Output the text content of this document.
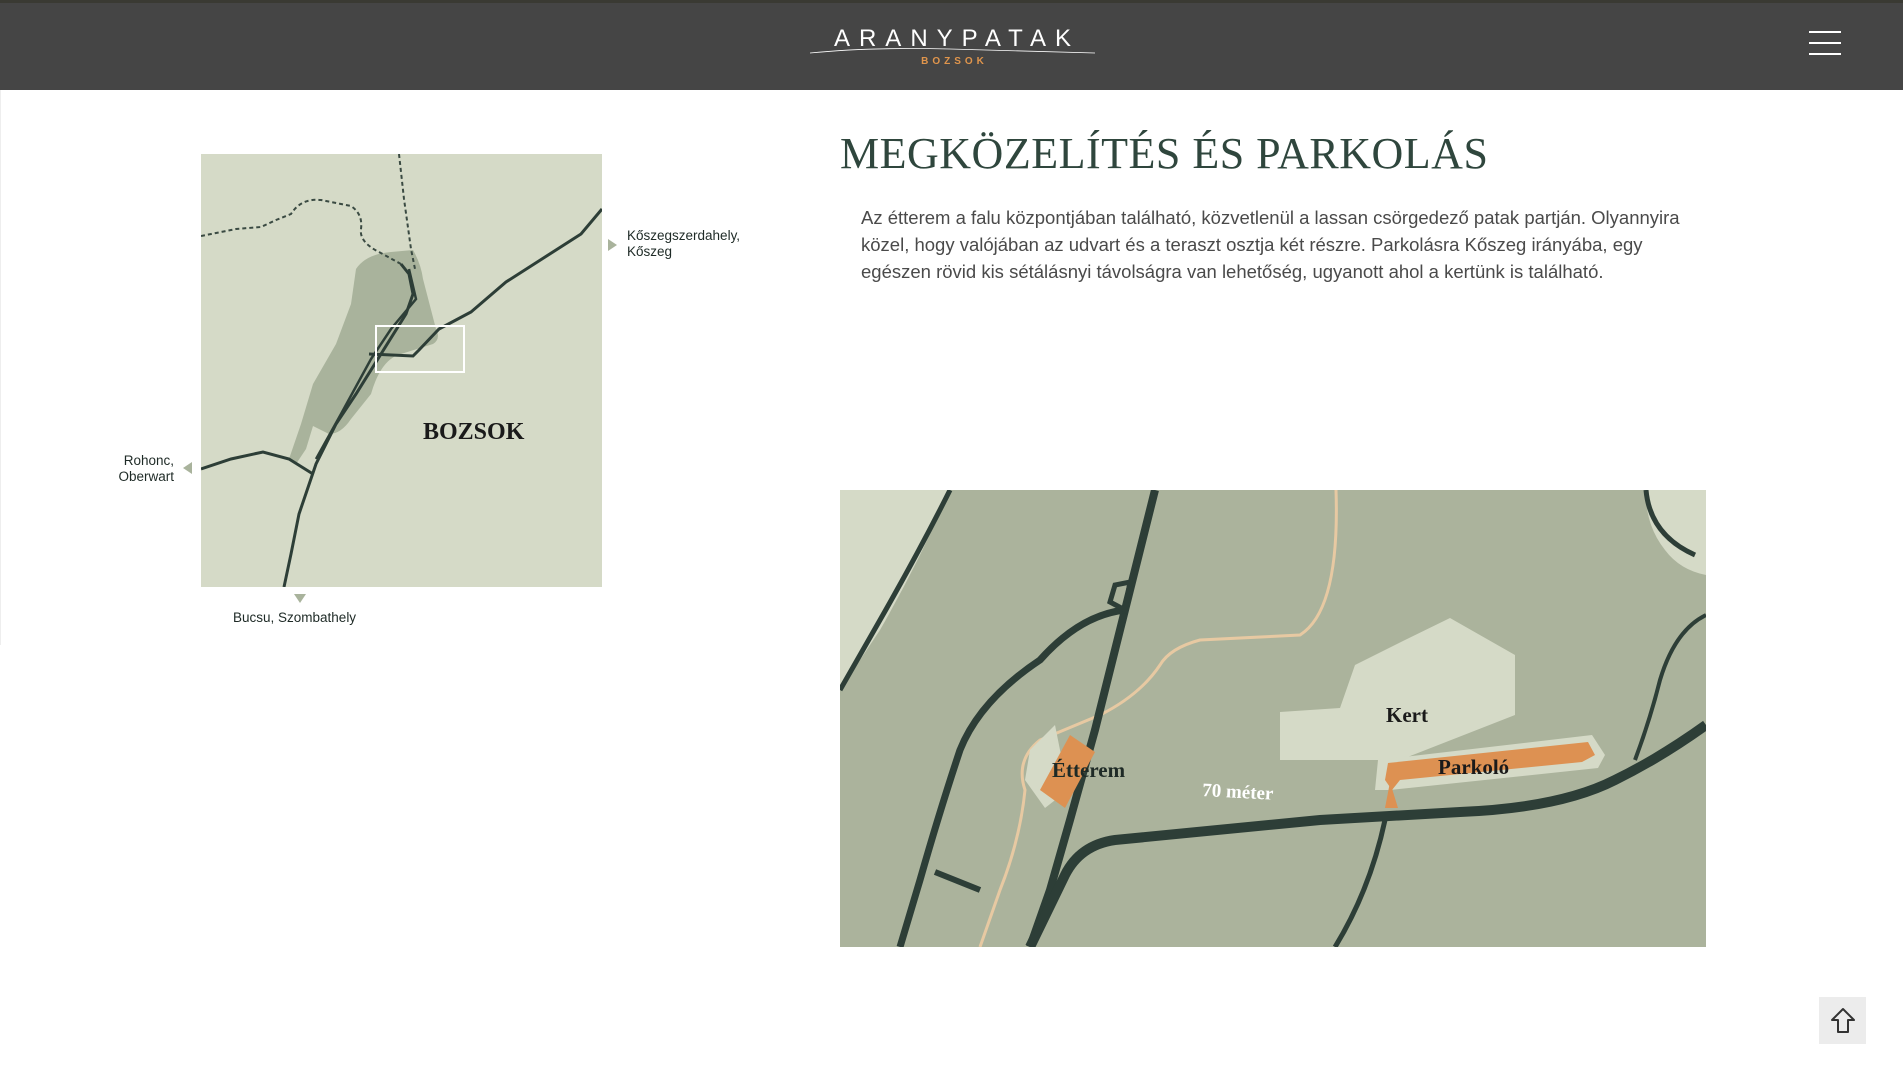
ARANYPATAK
BOZSOK
BOZSOK
Kőszegszerdahely,
Kőszeg
Rohonc,
Oberwart
Bucsu, Szombathely
MEGKÖZELÍTÉS ÉS PARKOLÁS

Az étterem a falu központjában található, közvetlenül a lassan csörgedező patak partján. Olyannyira közel, hogy valójában az udvart és a teraszt osztja két részre. Parkolásra Kőszeg irányába, egy egészen rövid kis sétálásnyi távolságra van lehetőség, ugyanott ahol a kertünk is található.

Étterem
Kert
Parkoló
70 méter
